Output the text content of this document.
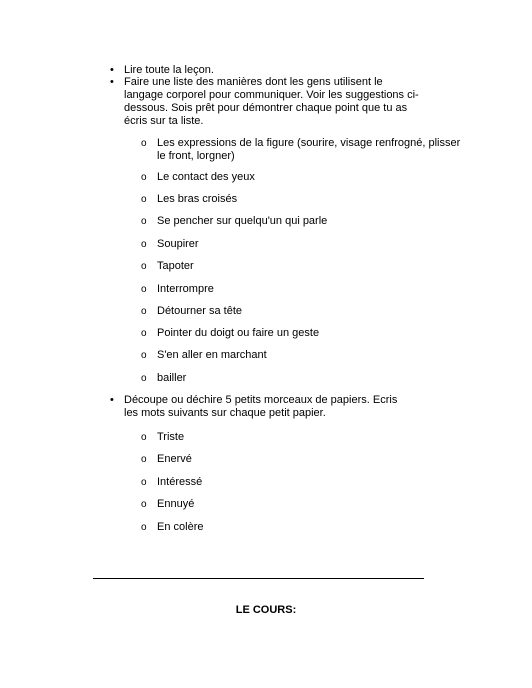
• Lire toute la leçon.
• Faire une liste des manières dont les gens utilisent le langage corporel pour communiquer. Voir les suggestions ci-dessous. Sois prêt pour démontrer chaque point que tu as écris sur ta liste.
o Les expressions de la figure (sourire, visage renfrogné, plisser le front, lorgner)
o Le contact des yeux
o Les bras croisés
o Se pencher sur quelqu'un qui parle
o Soupirer
o Tapoter
o Interrompre
o Détourner sa tête
o Pointer du doigt ou faire un geste
o S'en aller en marchant
o bailler
• Découpe ou déchire 5 petits morceaux de papiers. Ecris les mots suivants sur chaque petit papier.
o Triste
o Enervé
o Intéressé
o Ennuyé
o En colère
LE COURS:
